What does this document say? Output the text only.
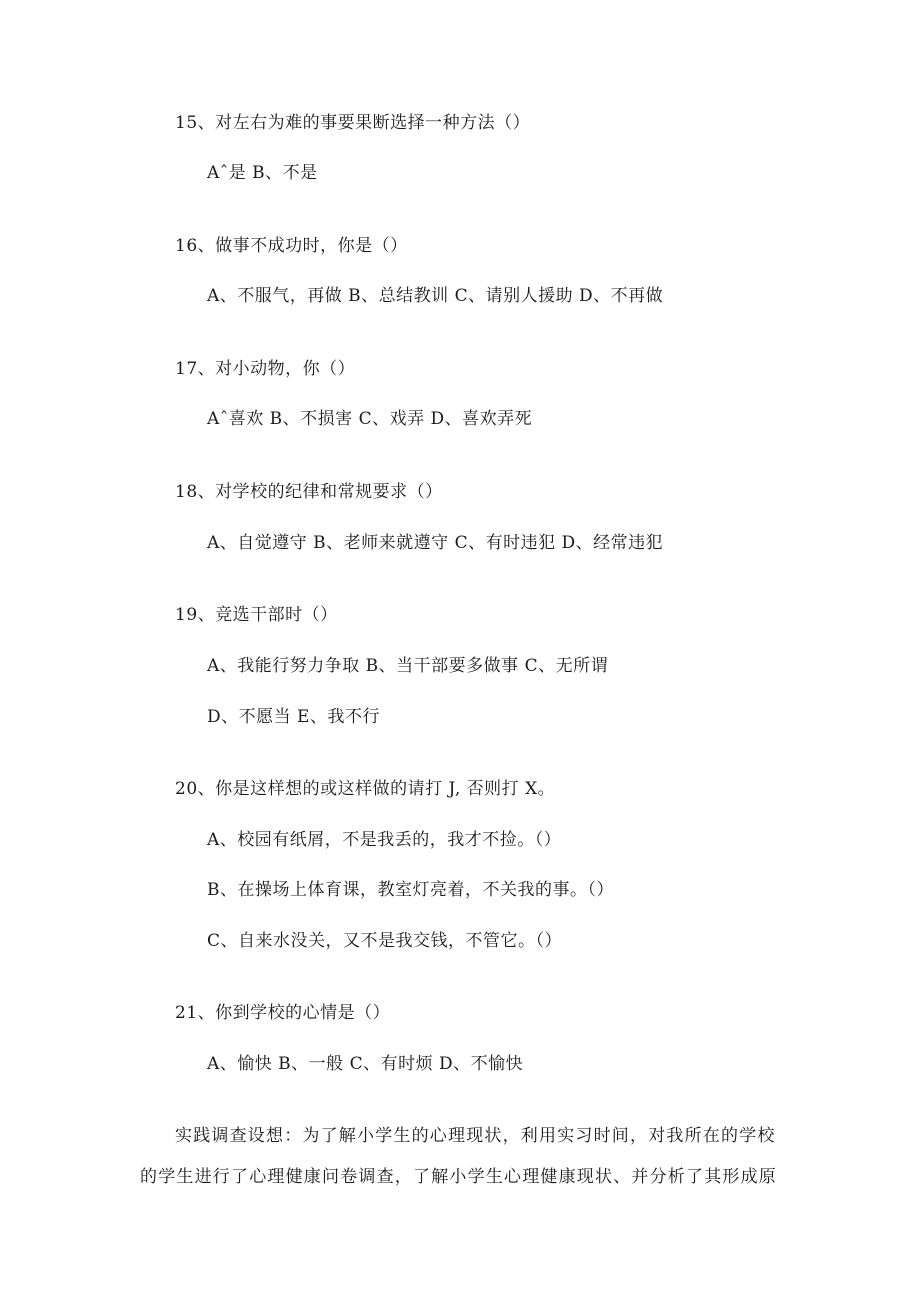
15、对左右为难的事要果断选择一种方法（）
Aˆ是 B、不是
16、做事不成功时，你是（）
A、不服气，再做 B、总结教训 C、请别人援助 D、不再做
17、对小动物，你（）
Aˆ喜欢 B、不损害 C、戏弄 D、喜欢弄死
18、对学校的纪律和常规要求（）
A、自觉遵守 B、老师来就遵守 C、有时违犯 D、经常违犯
19、竞选干部时（）
A、我能行努力争取 B、当干部要多做事 C、无所谓
D、不愿当 E、我不行
20、你是这样想的或这样做的请打 J, 否则打 X。
A、校园有纸屑，不是我丢的，我才不捡。（）
B、在操场上体育课，教室灯亮着，不关我的事。（）
C、自来水没关，又不是我交钱，不管它。（）
21、你到学校的心情是（）
A、愉快 B、一般 C、有时烦 D、不愉快
实践调查设想：为了解小学生的心理现状，利用实习时间，对我所在的学校
的学生进行了心理健康问卷调查，了解小学生心理健康现状、并分析了其形成原
